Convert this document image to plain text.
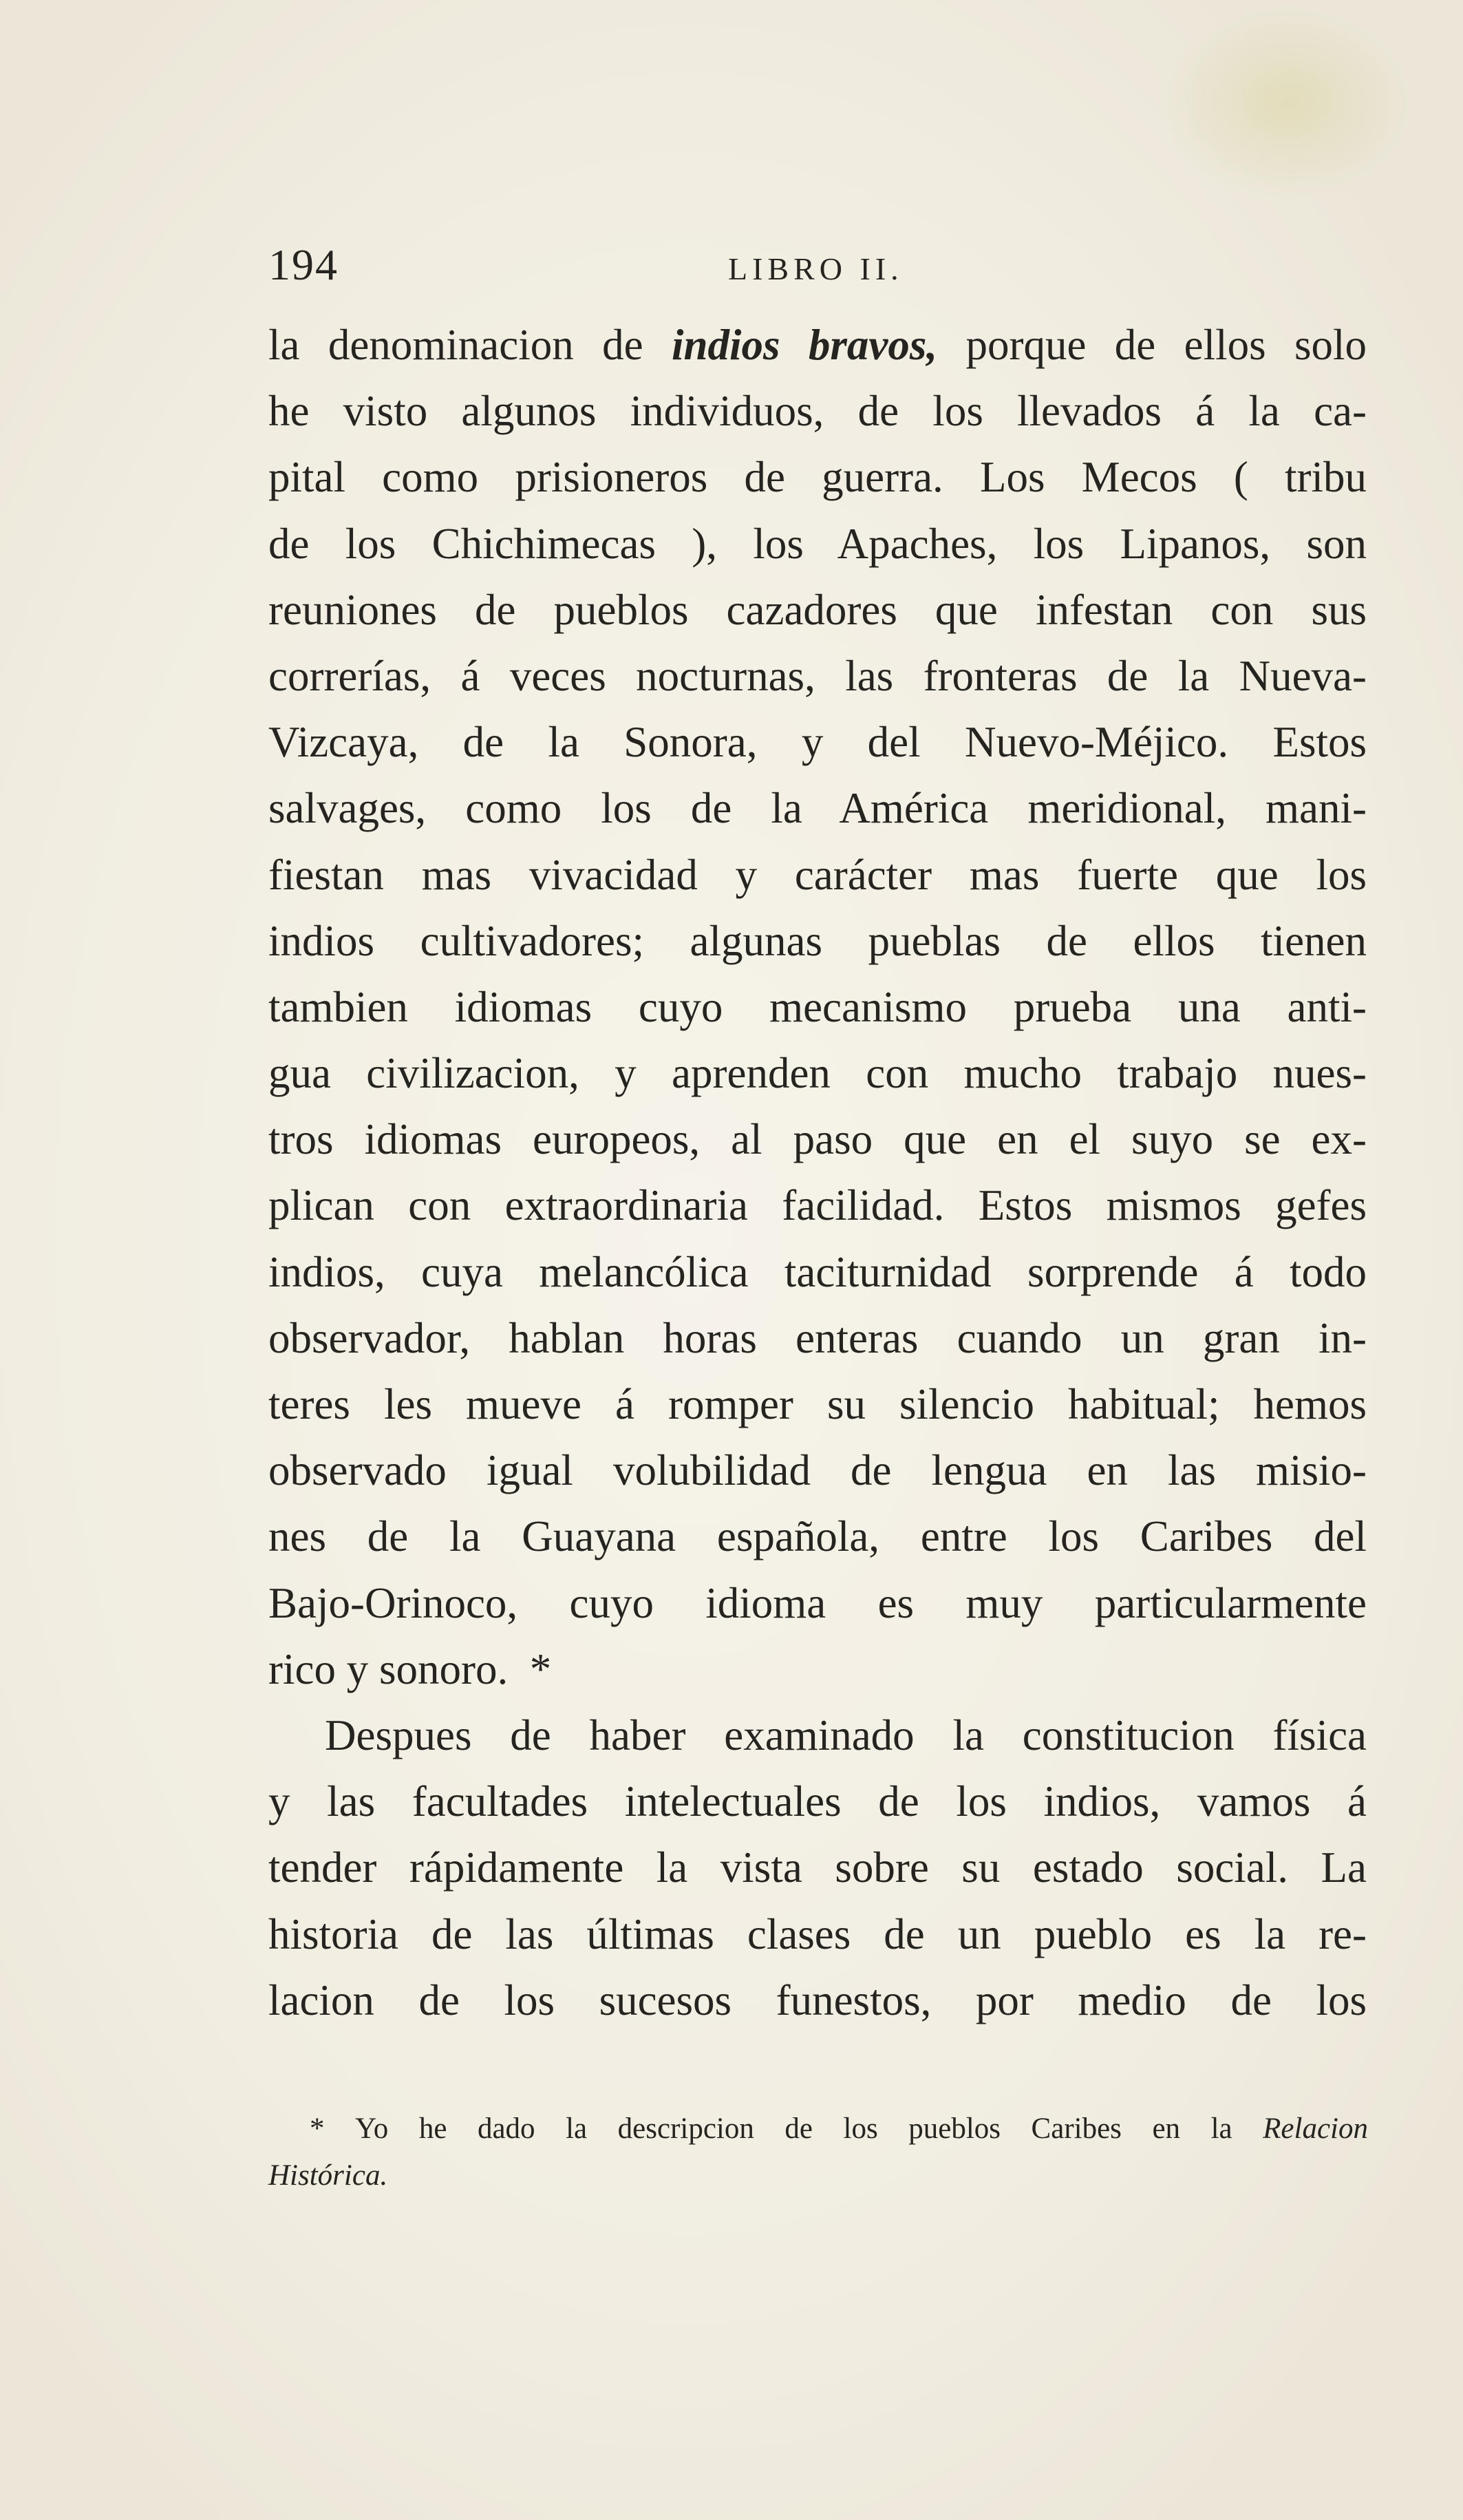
194	LIBRO II.
la denominacion de indios bravos, porque de ellos solo
he visto algunos individuos, de los llevados á la ca-
pital como prisioneros de guerra. Los Mecos ( tribu
de los Chichimecas ), los Apaches, los Lipanos, son
reuniones de pueblos cazadores que infestan con sus
correrías, á veces nocturnas, las fronteras de la Nueva-
Vizcaya, de la Sonora, y del Nuevo-Méjico. Estos
salvages, como los de la América meridional, mani-
fiestan mas vivacidad y carácter mas fuerte que los
indios cultivadores; algunas pueblas de ellos tienen
tambien idiomas cuyo mecanismo prueba una anti-
gua civilizacion, y aprenden con mucho trabajo nues-
tros idiomas europeos, al paso que en el suyo se ex-
plican con extraordinaria facilidad. Estos mismos gefes
indios, cuya melancólica taciturnidad sorprende á todo
observador, hablan horas enteras cuando un gran in-
teres les mueve á romper su silencio habitual; hemos
observado igual volubilidad de lengua en las misio-
nes de la Guayana española, entre los Caribes del
Bajo-Orinoco, cuyo idioma es muy particularmente
rico y sonoro. *
Despues de haber examinado la constitucion física
y las facultades intelectuales de los indios, vamos á
tender rápidamente la vista sobre su estado social. La
historia de las últimas clases de un pueblo es la re-
lacion de los sucesos funestos, por medio de los
* Yo he dado la descripcion de los pueblos Caribes en la Relacion
Histórica.
